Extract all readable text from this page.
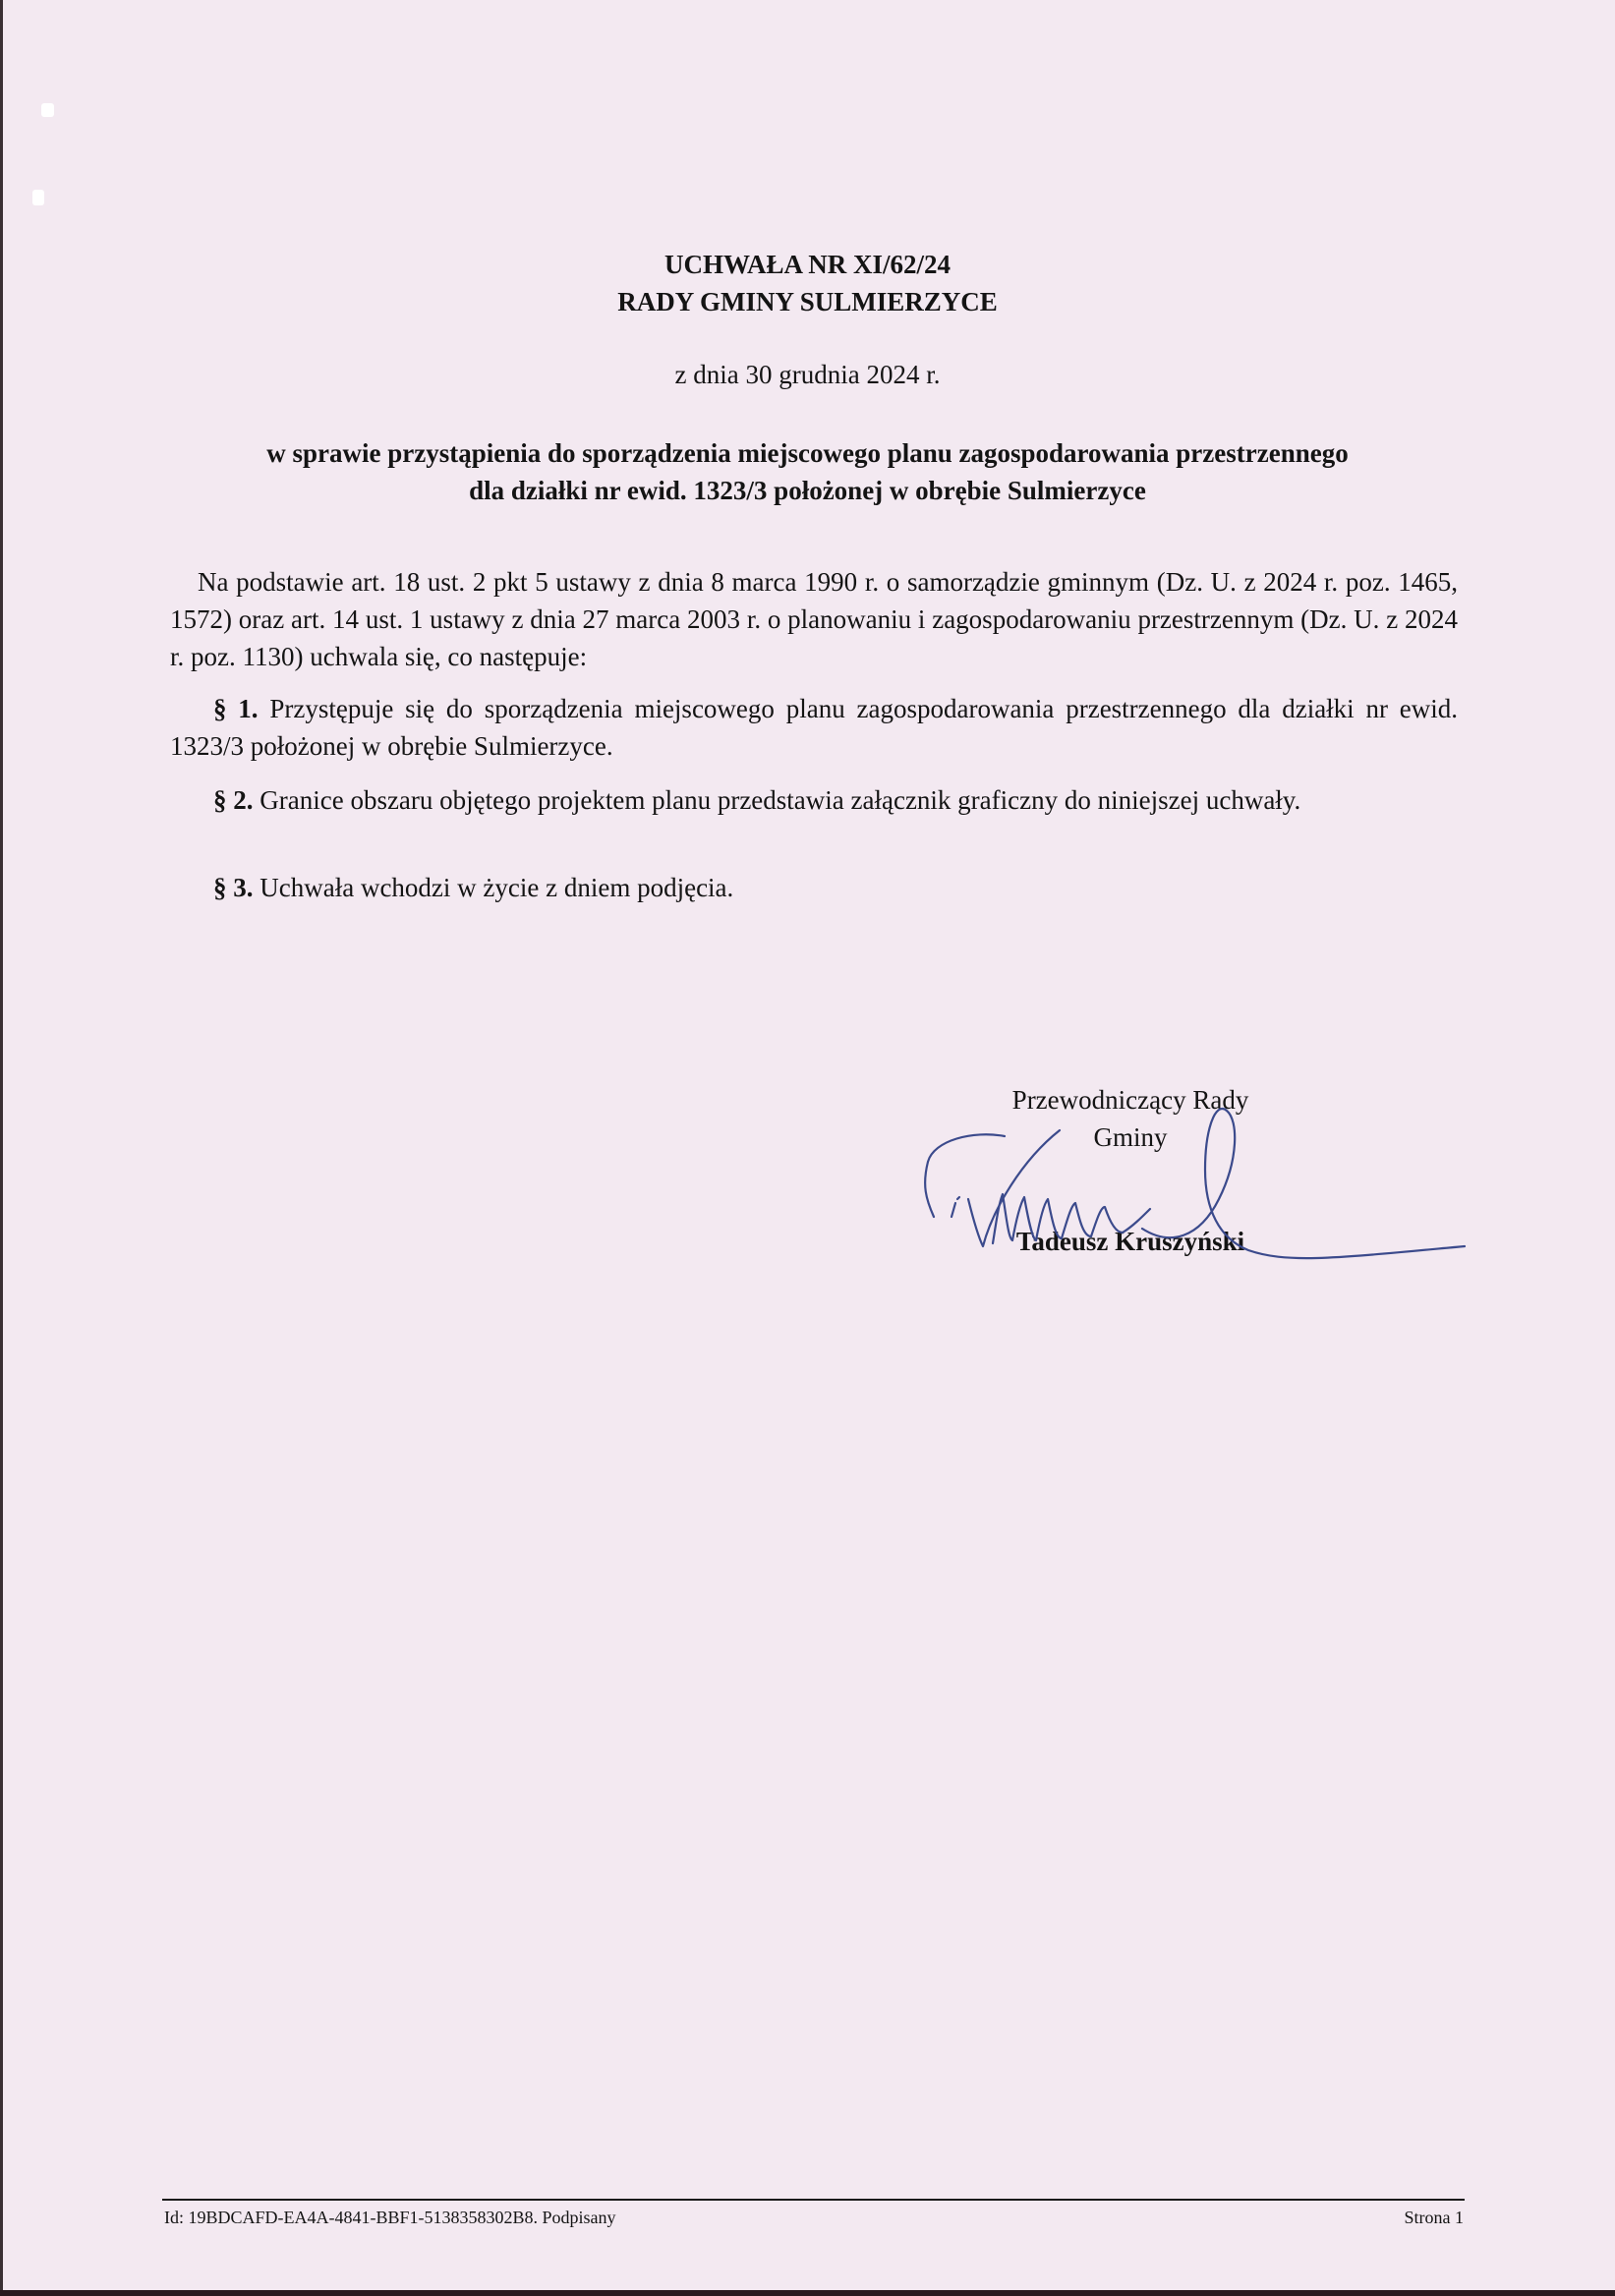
UCHWAŁA NR XI/62/24
RADY GMINY SULMIERZYCE
z dnia 30 grudnia 2024 r.
w sprawie przystąpienia do sporządzenia miejscowego planu zagospodarowania przestrzennego
dla działki nr ewid. 1323/3 położonej w obrębie Sulmierzyce
Na podstawie art. 18 ust. 2 pkt 5 ustawy z dnia 8 marca 1990 r. o samorządzie gminnym (Dz. U. z 2024 r. poz. 1465, 1572) oraz art. 14 ust. 1 ustawy z dnia 27 marca 2003 r. o planowaniu i zagospodarowaniu przestrzennym (Dz. U. z 2024 r. poz. 1130) uchwala się, co następuje:
§ 1. Przystępuje się do sporządzenia miejscowego planu zagospodarowania przestrzennego dla działki nr ewid. 1323/3 położonej w obrębie Sulmierzyce.
§ 2. Granice obszaru objętego projektem planu przedstawia załącznik graficzny do niniejszej uchwały.
§ 3. Uchwała wchodzi w życie z dniem podjęcia.
Przewodniczący Rady
Gminy
Tadeusz Kruszyński
Id: 19BDCAFD-EA4A-4841-BBF1-5138358302B8. Podpisany	Strona 1
